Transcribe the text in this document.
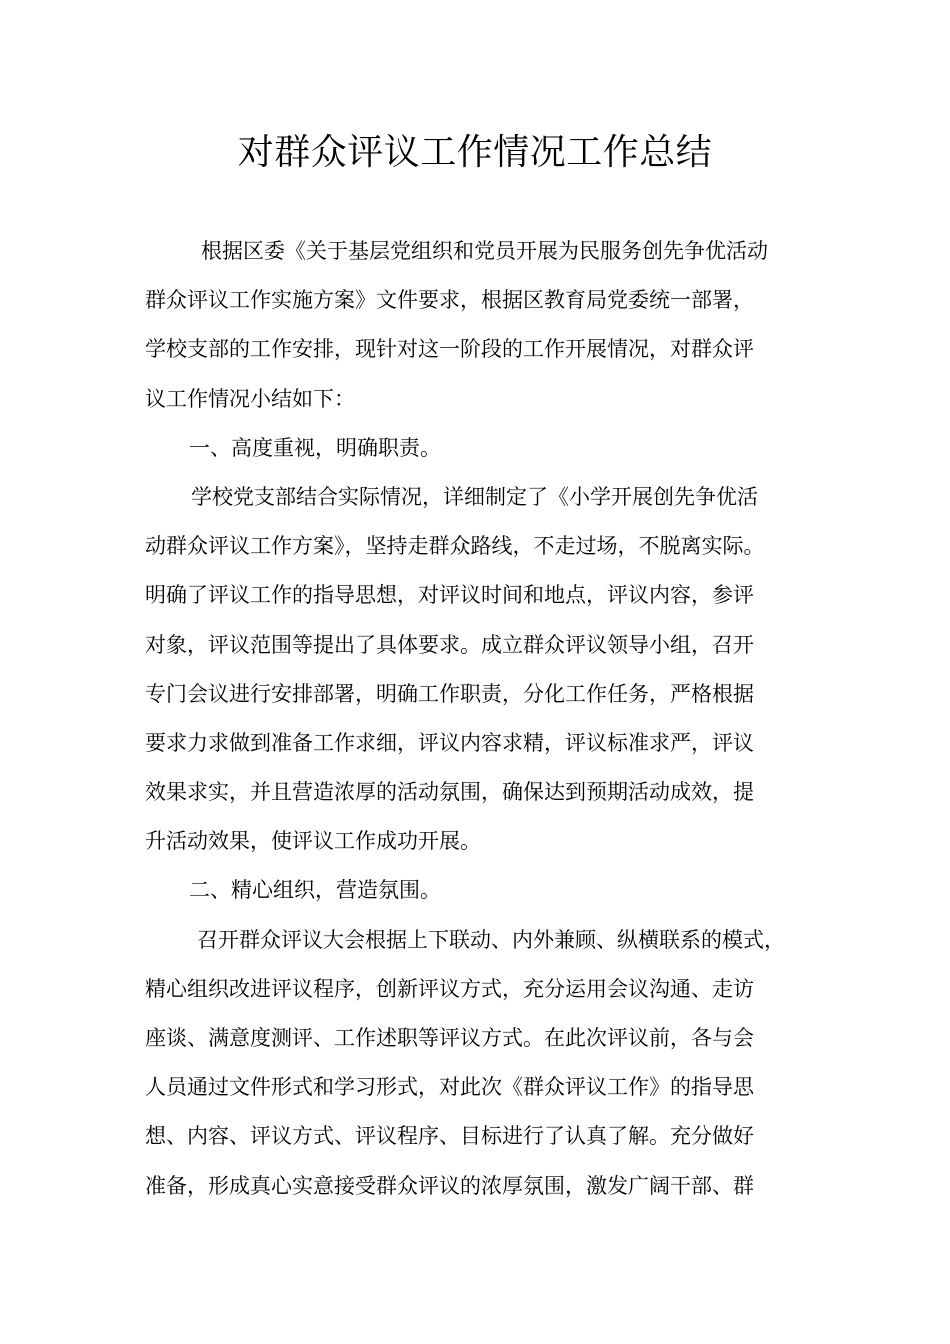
对群众评议工作情况工作总结
根据区委《关于基层党组织和党员开展为民服务创先争优活动
群众评议工作实施方案》文件要求，根据区教育局党委统一部署，
学校支部的工作安排，现针对这一阶段的工作开展情况，对群众评
议工作情况小结如下：
一、高度重视，明确职责。
学校党支部结合实际情况，详细制定了《小学开展创先争优活
动群众评议工作方案》，坚持走群众路线，不走过场，不脱离实际。
明确了评议工作的指导思想，对评议时间和地点，评议内容，参评
对象，评议范围等提出了具体要求。成立群众评议领导小组，召开
专门会议进行安排部署，明确工作职责，分化工作任务，严格根据
要求力求做到准备工作求细，评议内容求精，评议标准求严，评议
效果求实，并且营造浓厚的活动氛围，确保达到预期活动成效，提
升活动效果，使评议工作成功开展。
二、精心组织，营造氛围。
召开群众评议大会根据上下联动、内外兼顾、纵横联系的模式，
精心组织改进评议程序，创新评议方式，充分运用会议沟通、走访
座谈、满意度测评、工作述职等评议方式。在此次评议前，各与会
人员通过文件形式和学习形式，对此次《群众评议工作》的指导思
想、内容、评议方式、评议程序、目标进行了认真了解。充分做好
准备，形成真心实意接受群众评议的浓厚氛围，激发广阔干部、群
